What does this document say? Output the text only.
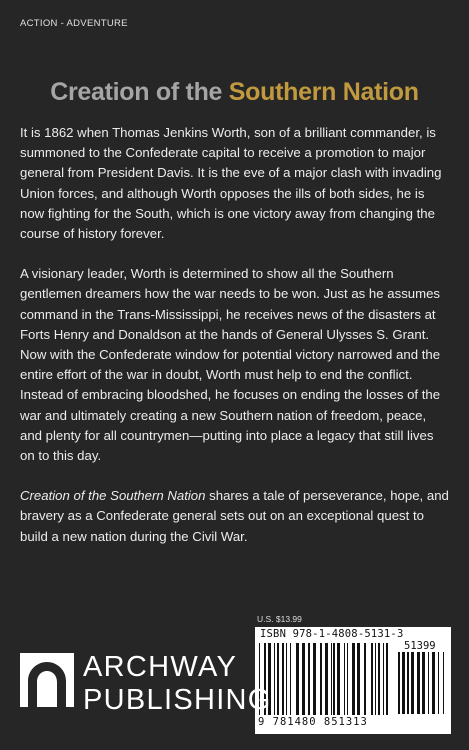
ACTION - ADVENTURE
Creation of the Southern Nation

It is 1862 when Thomas Jenkins Worth, son of a brilliant commander, is summoned to the Confederate capital to receive a promotion to major general from President Davis. It is the eve of a major clash with invading Union forces, and although Worth opposes the ills of both sides, he is now fighting for the South, which is one victory away from changing the course of history forever.

A visionary leader, Worth is determined to show all the Southern gentlemen dreamers how the war needs to be won. Just as he assumes command in the Trans-Mississippi, he receives news of the disasters at Forts Henry and Donaldson at the hands of General Ulysses S. Grant. Now with the Confederate window for potential victory narrowed and the entire effort of the war in doubt, Worth must help to end the conflict. Instead of embracing bloodshed, he focuses on ending the losses of the war and ultimately creating a new Southern nation of freedom, peace, and plenty for all countrymen—putting into place a legacy that still lives on to this day.

Creation of the Southern Nation shares a tale of perseverance, hope, and bravery as a Confederate general sets out on an exceptional quest to build a new nation during the Civil War.

U.S. $13.99
ISBN 978-1-4808-5131-3
51399
9 781480 851313
ARCHWAY
PUBLISHING
